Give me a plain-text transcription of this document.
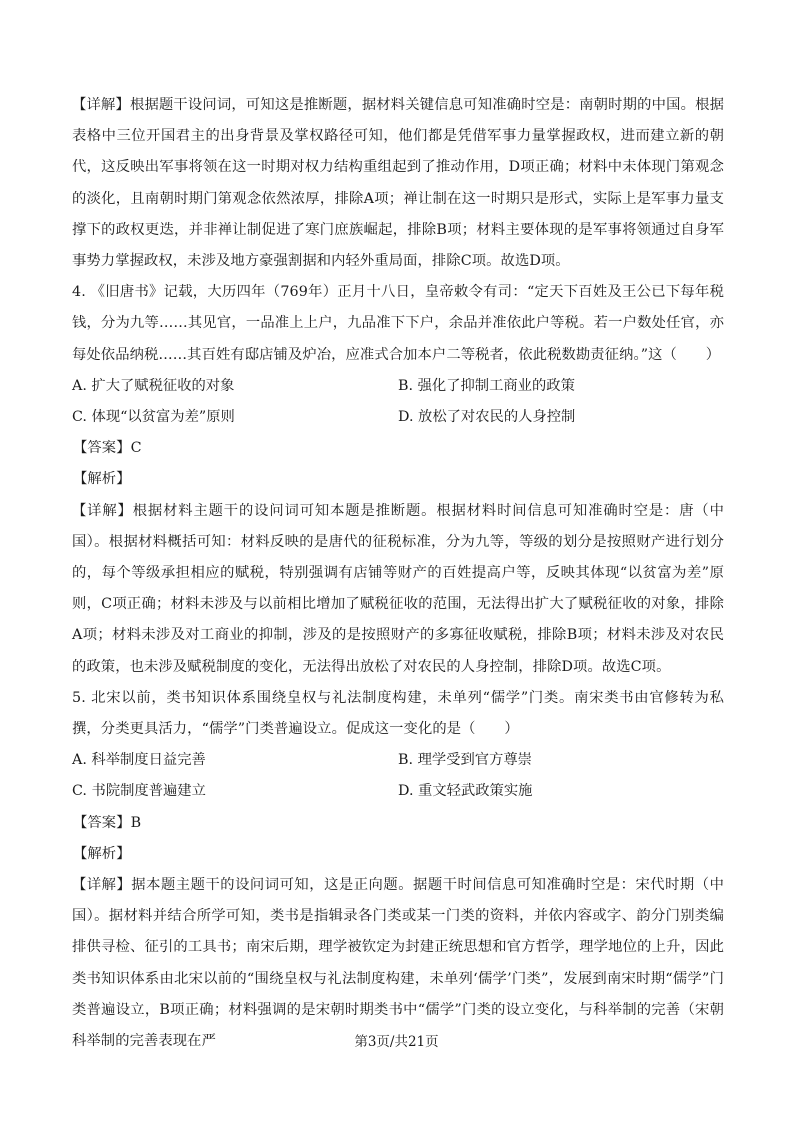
【详解】根据题干设问词，可知这是推断题，据材料关键信息可知准确时空是：南朝时期的中国。根据表格中三位开国君主的出身背景及掌权路径可知，他们都是凭借军事力量掌握政权，进而建立新的朝代，这反映出军事将领在这一时期对权力结构重组起到了推动作用，D项正确；材料中未体现门第观念的淡化，且南朝时期门第观念依然浓厚，排除A项；禅让制在这一时期只是形式，实际上是军事力量支撑下的政权更迭，并非禅让制促进了寒门庶族崛起，排除B项；材料主要体现的是军事将领通过自身军事势力掌握政权，未涉及地方豪强割据和内轻外重局面，排除C项。故选D项。

4. 《旧唐书》记载，大历四年（769年）正月十八日，皇帝敕令有司：“定天下百姓及王公已下每年税钱，分为九等……其见官，一品准上上户，九品准下下户，余品并准依此户等税。若一户数处任官，亦每处依品纳税……其百姓有邸店铺及炉冶，应准式合加本户二等税者，依此税数勘责征纳。”这（　　）

A. 扩大了赋税征收的对象	B. 强化了抑制工商业的政策
C. 体现“以贫富为差”原则	D. 放松了对农民的人身控制

【答案】C

【解析】

【详解】根据材料主题干的设问词可知本题是推断题。根据材料时间信息可知准确时空是：唐（中国）。根据材料概括可知：材料反映的是唐代的征税标准，分为九等，等级的划分是按照财产进行划分的，每个等级承担相应的赋税，特别强调有店铺等财产的百姓提高户等，反映其体现“以贫富为差”原则，C项正确；材料未涉及与以前相比增加了赋税征收的范围，无法得出扩大了赋税征收的对象，排除A项；材料未涉及对工商业的抑制，涉及的是按照财产的多寡征收赋税，排除B项；材料未涉及对农民的政策，也未涉及赋税制度的变化，无法得出放松了对农民的人身控制，排除D项。故选C项。

5. 北宋以前，类书知识体系围绕皇权与礼法制度构建，未单列“儒学”门类。南宋类书由官修转为私撰，分类更具活力，“儒学”门类普遍设立。促成这一变化的是（　　）

A. 科举制度日益完善	B. 理学受到官方尊崇
C. 书院制度普遍建立	D. 重文轻武政策实施

【答案】B

【解析】

【详解】据本题主题干的设问词可知，这是正向题。据题干时间信息可知准确时空是：宋代时期（中国）。据材料并结合所学可知，类书是指辑录各门类或某一门类的资料，并依内容或字、韵分门别类编排供寻检、征引的工具书；南宋后期，理学被钦定为封建正统思想和官方哲学，理学地位的上升，因此类书知识体系由北宋以前的“围绕皇权与礼法制度构建，未单列‘儒学’门类”，发展到南宋时期“儒学”门类普遍设立，B项正确；材料强调的是宋朝时期类书中“儒学”门类的设立变化，与科举制的完善（宋朝科举制的完善表现在严	第3页/共21页
